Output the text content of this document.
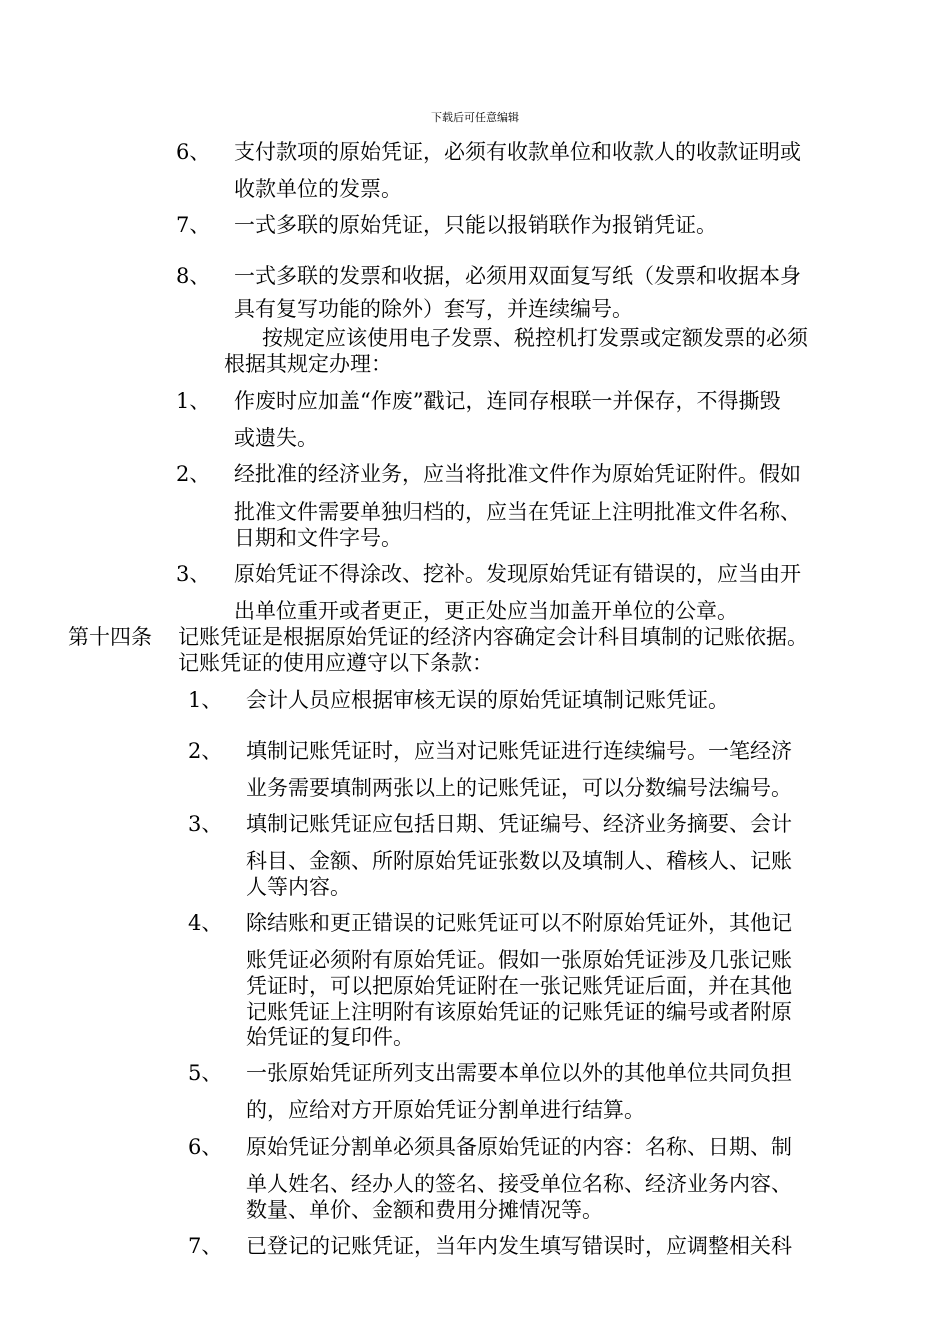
下载后可任意编辑
6、 支付款项的原始凭证，必须有收款单位和收款人的收款证明或
收款单位的发票。
7、 一式多联的原始凭证，只能以报销联作为报销凭证。
8、 一式多联的发票和收据，必须用双面复写纸（发票和收据本身
具有复写功能的除外）套写，并连续编号。
按规定应该使用电子发票、税控机打发票或定额发票的必须
根据其规定办理：
1、 作废时应加盖“作废”戳记，连同存根联一并保存，不得撕毁
或遗失。
2、 经批准的经济业务，应当将批准文件作为原始凭证附件。假如
批准文件需要单独归档的，应当在凭证上注明批准文件名称、
日期和文件字号。
3、 原始凭证不得涂改、挖补。发现原始凭证有错误的，应当由开
出单位重开或者更正，更正处应当加盖开单位的公章。
第十四条 记账凭证是根据原始凭证的经济内容确定会计科目填制的记账依据。
记账凭证的使用应遵守以下条款：
1、 会计人员应根据审核无误的原始凭证填制记账凭证。
2、 填制记账凭证时，应当对记账凭证进行连续编号。一笔经济
业务需要填制两张以上的记账凭证，可以分数编号法编号。
3、 填制记账凭证应包括日期、凭证编号、经济业务摘要、会计
科目、金额、所附原始凭证张数以及填制人、稽核人、记账
人等内容。
4、 除结账和更正错误的记账凭证可以不附原始凭证外，其他记
账凭证必须附有原始凭证。假如一张原始凭证涉及几张记账
凭证时，可以把原始凭证附在一张记账凭证后面，并在其他
记账凭证上注明附有该原始凭证的记账凭证的编号或者附原
始凭证的复印件。
5、 一张原始凭证所列支出需要本单位以外的其他单位共同负担
的，应给对方开原始凭证分割单进行结算。
6、 原始凭证分割单必须具备原始凭证的内容：名称、日期、制
单人姓名、经办人的签名、接受单位名称、经济业务内容、
数量、单价、金额和费用分摊情况等。
7、 已登记的记账凭证，当年内发生填写错误时，应调整相关科
